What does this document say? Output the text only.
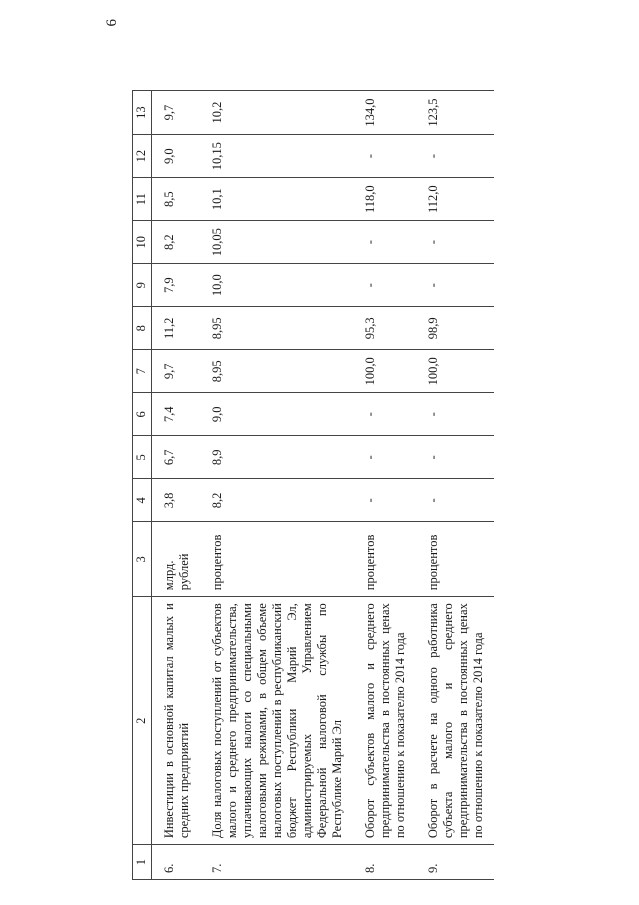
6
1	2	3	4	5	6	7	8	9	10	11	12	13
6.	Инвестиции в основной капитал малых и средних предприятий	млрд. рублей	3,8	6,7	7,4	9,7	11,2	7,9	8,2	8,5	9,0	9,7
7.	Доля налоговых поступлений от субъектов малого и среднего предпринимательства, уплачивающих налоги со специальными налоговыми режимами, в общем объеме налоговых поступлений в республиканский бюджет Республики Марий Эл, администрируемых Управлением Федеральной налоговой службы по Республике Марий Эл	процентов	8,2	8,9	9,0	8,95	8,95	10,0	10,05	10,1	10,15	10,2
8.	Оборот субъектов малого и среднего предпринимательства в постоянных ценах по отношению к показателю 2014 года	процентов	-	-	-	100,0	95,3	-	-	118,0	-	134,0
9.	Оборот в расчете на одного работника субъекта малого и среднего предпринимательства в постоянных ценах по отношению к показателю 2014 года	процентов	-	-	-	100,0	98,9	-	-	112,0	-	123,5
